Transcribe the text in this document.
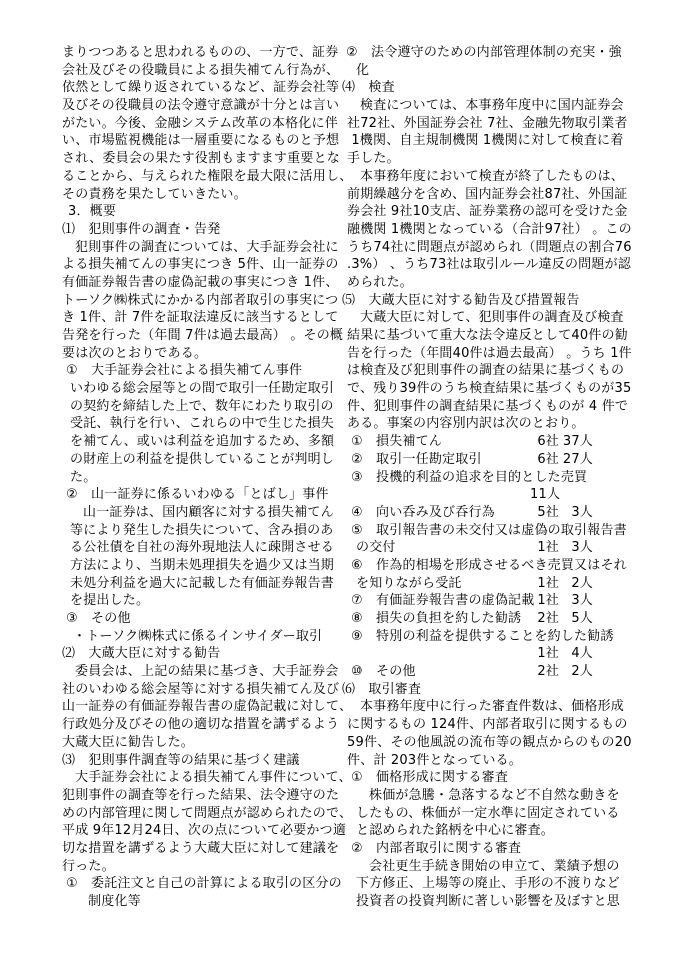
まりつつあると思われるものの、一方で、証券
会社及びその役職員による損失補てん行為が、
依然として繰り返されているなど、証券会社等
及びその役職員の法令遵守意識が十分とは言い
がたい。今後、金融システム改革の本格化に伴
い、市場監視機能は一層重要になるものと予想
され、委員会の果たす役割もますます重要とな
ることから、与えられた権限を最大限に活用し、
その責務を果たしていきたい。
3．概要
⑴　犯則事件の調査・告発
犯則事件の調査については、大手証券会社に
よる損失補てんの事実につき 5件、山一証券の
有価証券報告書の虚偽記載の事実につき 1件、
トーソク㈱株式にかかる内部者取引の事実につ
き 1件、計 7件を証取法違反に該当するとして
告発を行った（年間 7件は過去最高） 。その概
要は次のとおりである。
①　大手証券会社による損失補てん事件
いわゆる総会屋等との間で取引一任勘定取引
の契約を締結した上で、数年にわたり取引の
受託、執行を行い、これらの中で生じた損失
を補てん、或いは利益を追加するため、多額
の財産上の利益を提供していることが判明し
た。
②　山一証券に係るいわゆる「とばし」事件
山一証券は、国内顧客に対する損失補てん
等により発生した損失について、含み損のあ
る公社債を自社の海外現地法人に疎開させる
方法により、当期未処理損失を過少又は当期
未処分利益を過大に記載した有価証券報告書
を提出した。
③　その他
・トーソク㈱株式に係るインサイダー取引
⑵　大蔵大臣に対する勧告
委員会は、上記の結果に基づき、大手証券会
社のいわゆる総会屋等に対する損失補てん及び
山一証券の有価証券報告書の虚偽記載に対して、
行政処分及びその他の適切な措置を講ずるよう
大蔵大臣に勧告した。
⑶　犯則事件調査等の結果に基づく建議
大手証券会社による損失補てん事件について、
犯則事件の調査等を行った結果、法令遵守のた
めの内部管理に関して問題点が認められたので、
平成 9年12月24日、次の点について必要かつ適
切な措置を講ずるよう大蔵大臣に対して建議を
行った。
①　委託注文と自己の計算による取引の区分の
制度化等
②　法令遵守のための内部管理体制の充実・強
化
⑷　検査
検査については、本事務年度中に国内証券会
社72社、外国証券会社 7社、金融先物取引業者
1機関、自主規制機関 1機関に対して検査に着
手した。
本事務年度において検査が終了したものは、
前期繰越分を含め、国内証券会社87社、外国証
券会社 9社10支店、証券業務の認可を受けた金
融機関 1機関となっている（合計97社） 。この
うち74社に問題点が認められ（問題点の割合76
.3%） 、うち73社は取引ルール違反の問題が認
められた。
⑸　大蔵大臣に対する勧告及び措置報告
大蔵大臣に対して、犯則事件の調査及び検査
結果に基づいて重大な法令違反として40件の勧
告を行った（年間40件は過去最高） 。うち 1件
は検査及び犯則事件の調査の結果に基づくもの
で、残り39件のうち検査結果に基づくものが35
件、犯則事件の調査結果に基づくものが 4 件で
ある。事案の内容別内訳は次のとおり。
①　損失補てん	6社 37人
②　取引一任勘定取引	6社 27人
③　投機的利益の追求を目的とした売買
11人
④　向い呑み及び呑行為	5社 3人
⑤　取引報告書の未交付又は虚偽の取引報告書
の交付	1社 3人
⑥　作為的相場を形成させるべき売買又はそれ
を知りながら受託	1社 2人
⑦　有価証券報告書の虚偽記載 1社 3人
⑧　損失の負担を約した勧誘	2社 5人
⑨　特別の利益を提供することを約した勧誘
1社 4人
⑩　その他	2社 2人
⑹　取引審査
本事務年度中に行った審査件数は、価格形成
に関するもの 124件、内部者取引に関するもの
59件、その他風説の流布等の観点からのもの20
件、計 203件となっている。
①　価格形成に関する審査
株価が急騰・急落するなど不自然な動きを
したもの、株価が一定水準に固定されている
と認められた銘柄を中心に審査。
②　内部者取引に関する審査
会社更生手続き開始の申立て、業績予想の
下方修正、上場等の廃止、手形の不渡りなど
投資者の投資判断に著しい影響を及ぼすと思
